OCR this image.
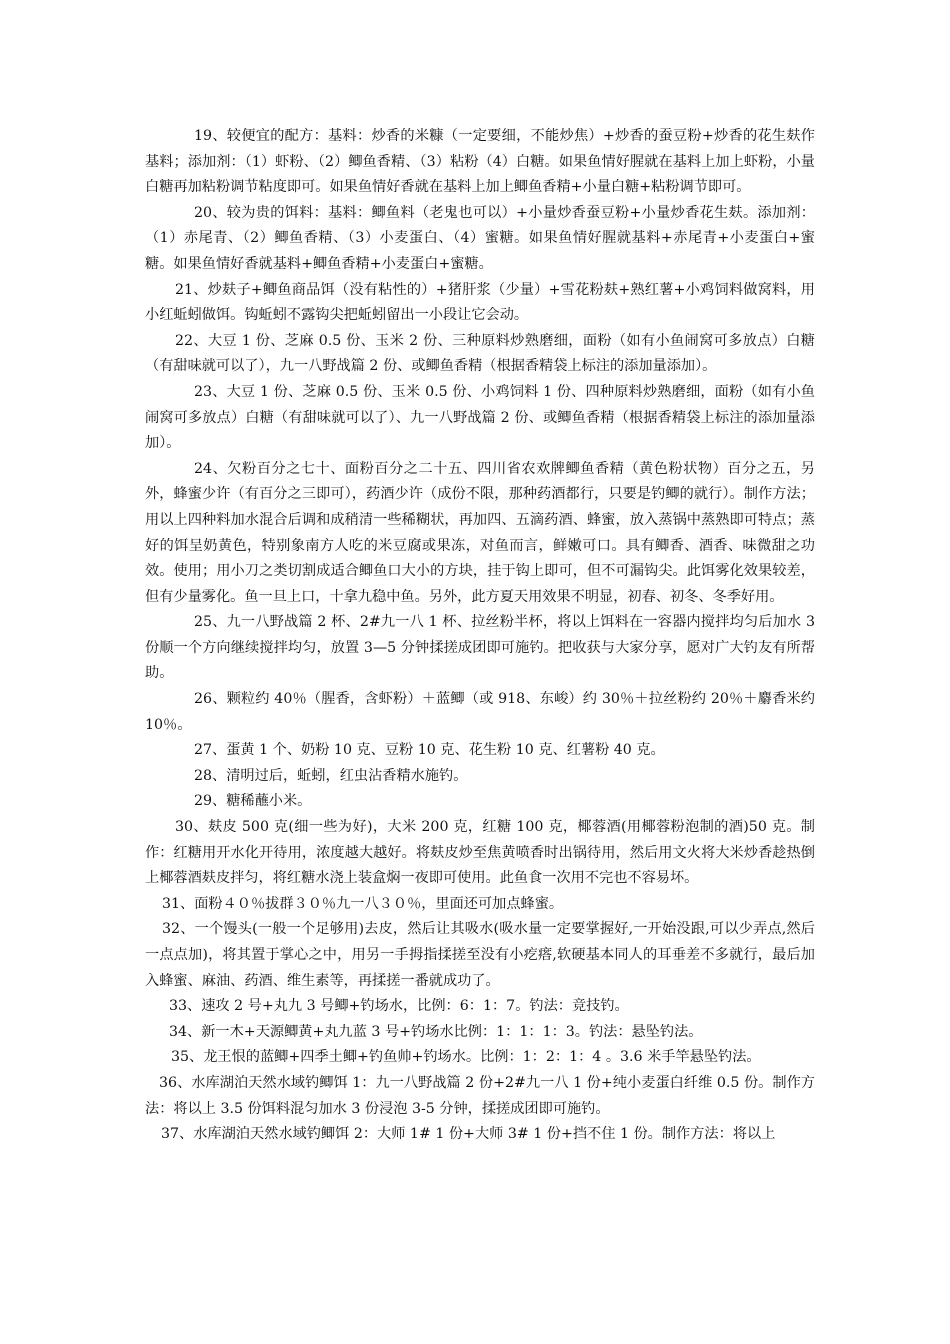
19、较便宜的配方：基料：炒香的米糠（一定要细，不能炒焦）+炒香的蚕豆粉+炒香的花生麸作基料；添加剂：（1）虾粉、（2）鲫鱼香精、（3）粘粉（4）白糖。如果鱼情好腥就在基料上加上虾粉，小量白糖再加粘粉调节粘度即可。如果鱼情好香就在基料上加上鲫鱼香精+小量白糖+粘粉调节即可。

20、较为贵的饵料：基料：鲫鱼料（老鬼也可以）+小量炒香蚕豆粉+小量炒香花生麸。添加剂：（1）赤尾青、（2）鲫鱼香精、（3）小麦蛋白、（4）蜜糖。如果鱼情好腥就基料+赤尾青+小麦蛋白+蜜糖。如果鱼情好香就基料+鲫鱼香精+小麦蛋白+蜜糖。

21、炒麸子+鲫鱼商品饵（没有粘性的）+猪肝浆（少量）+雪花粉麸+熟红薯+小鸡饲料做窝料，用小红蚯蚓做饵。钩蚯蚓不露钩尖把蚯蚓留出一小段让它会动。

22、大豆 1 份、芝麻 0.5 份、玉米 2 份、三种原料炒熟磨细，面粉（如有小鱼闹窝可多放点）白糖（有甜味就可以了），九一八野战篇 2 份、或鲫鱼香精（根据香精袋上标注的添加量添加）。

23、大豆 1 份、芝麻 0.5 份、玉米 0.5 份、小鸡饲料 1 份、四种原料炒熟磨细，面粉（如有小鱼闹窝可多放点）白糖（有甜味就可以了）、九一八野战篇 2 份、或鲫鱼香精（根据香精袋上标注的添加量添加）。

24、欠粉百分之七十、面粉百分之二十五、四川省农欢牌鲫鱼香精（黄色粉状物）百分之五，另外，蜂蜜少许（有百分之三即可），药酒少许（成份不限，那种药酒都行，只要是钓鲫的就行）。制作方法；用以上四种料加水混合后调和成稍清一些稀糊状，再加四、五滴药酒、蜂蜜，放入蒸锅中蒸熟即可特点；蒸好的饵呈奶黄色，特别象南方人吃的米豆腐或果冻，对鱼而言，鲜嫩可口。具有鲫香、酒香、味微甜之功效。使用；用小刀之类切割成适合鲫鱼口大小的方块，挂于钩上即可，但不可漏钩尖。此饵雾化效果较差，但有少量雾化。鱼一旦上口，十拿九稳中鱼。另外，此方夏天用效果不明显，初春、初冬、冬季好用。

25、九一八野战篇 2 杯、2#九一八 1 杯、拉丝粉半杯，将以上饵料在一容器内搅拌均匀后加水 3 份顺一个方向继续搅拌均匀，放置 3—5 分钟揉搓成团即可施钓。把收获与大家分享，愿对广大钓友有所帮助。

26、颗粒约 40％（腥香，含虾粉）＋蓝鲫（或 918、东峻）约 30％＋拉丝粉约 20％＋麝香米约 10％。

27、蛋黄 1 个、奶粉 10 克、豆粉 10 克、花生粉 10 克、红薯粉 40 克。

28、清明过后，蚯蚓，红虫沾香精水施钓。

29、糖稀蘸小米。

30、麸皮 500 克(细一些为好)，大米 200 克，红糖 100 克，椰蓉酒(用椰蓉粉泡制的酒)50 克。制作：红糖用开水化开待用，浓度越大越好。将麸皮炒至焦黄喷香时出锅待用，然后用文火将大米炒香趁热倒上椰蓉酒麸皮拌匀，将红糖水浇上装盒焖一夜即可使用。此鱼食一次用不完也不容易坏。

31、面粉４０％拔群３０％九一八３０％，里面还可加点蜂蜜。

32、一个馒头(一般一个足够用)去皮，然后让其吸水(吸水量一定要掌握好,一开始没跟,可以少弄点,然后一点点加)，将其置于掌心之中，用另一手拇指揉搓至没有小疙瘩,软硬基本同人的耳垂差不多就行，最后加入蜂蜜、麻油、药酒、维生素等，再揉搓一番就成功了。

33、速攻 2 号+丸九 3 号鲫+钓场水，比例：6：1：7。钓法：竞技钓。

34、新一木+天源鲫黄+丸九蓝 3 号+钓场水比例：1：1：1：3。钓法：悬坠钓法。

35、龙王恨的蓝鲫+四季土鲫+钓鱼帅+钓场水。比例：1：2：1：4 。3.6 米手竿悬坠钓法。

36、水库湖泊天然水域钓鲫饵 1：九一八野战篇 2 份+2#九一八 1 份+纯小麦蛋白纤维 0.5 份。制作方法：将以上 3.5 份饵料混匀加水 3 份浸泡 3-5 分钟，揉搓成团即可施钓。

37、水库湖泊天然水域钓鲫饵 2：大师 1# 1 份+大师 3# 1 份+挡不住 1 份。制作方法：将以上
